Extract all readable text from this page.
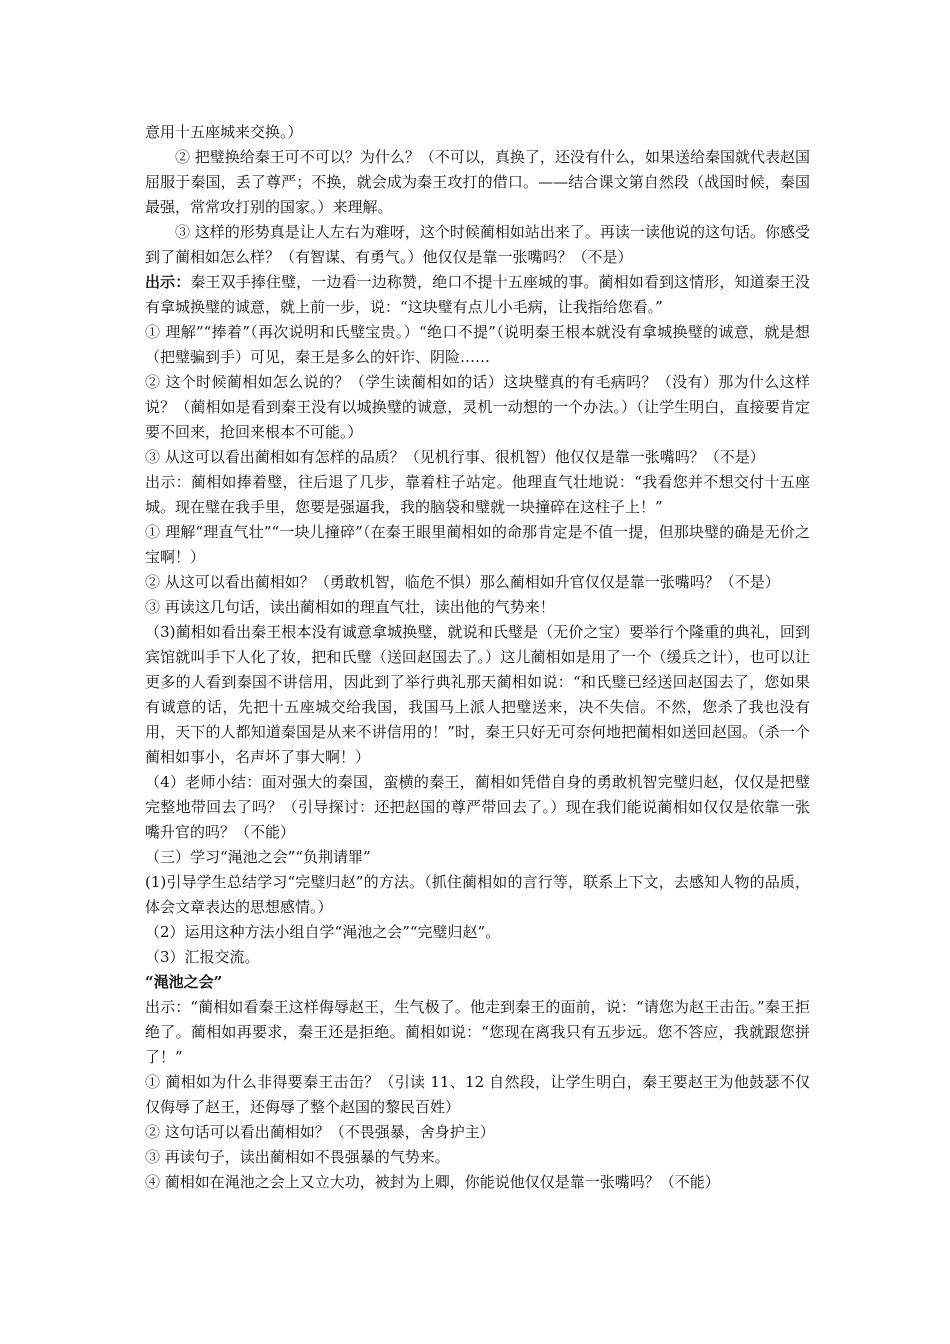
意用十五座城来交换。）

② 把璧换给秦王可不可以？为什么？（不可以，真换了，还没有什么，如果送给秦国就代表赵国屈服于秦国，丢了尊严；不换，就会成为秦王攻打的借口。——结合课文第自然段（战国时候，秦国最强，常常攻打别的国家。）来理解。

③ 这样的形势真是让人左右为难呀，这个时候蔺相如站出来了。再读一读他说的这句话。你感受到了蔺相如怎么样？（有智谋、有勇气。）他仅仅是靠一张嘴吗？（不是）

出示：秦王双手捧住璧，一边看一边称赞，绝口不提十五座城的事。蔺相如看到这情形，知道秦王没有拿城换璧的诚意，就上前一步，说：“这块璧有点儿小毛病，让我指给您看。”

① 理解”“捧着”（再次说明和氏璧宝贵。）“绝口不提”（说明秦王根本就没有拿城换璧的诚意，就是想（把璧骗到手）可见，秦王是多么的奸诈、阴险……

② 这个时候蔺相如怎么说的？（学生读蔺相如的话）这块璧真的有毛病吗？（没有）那为什么这样说？（蔺相如是看到秦王没有以城换璧的诚意，灵机一动想的一个办法。）（让学生明白，直接要肯定要不回来，抢回来根本不可能。）

③ 从这可以看出蔺相如有怎样的品质？（见机行事、很机智）他仅仅是靠一张嘴吗？（不是）

出示：蔺相如捧着璧，往后退了几步，靠着柱子站定。他理直气壮地说：“我看您并不想交付十五座城。现在璧在我手里，您要是强逼我，我的脑袋和璧就一块撞碎在这柱子上！”

① 理解“理直气壮”“一块儿撞碎”（在秦王眼里蔺相如的命那肯定是不值一提，但那块璧的确是无价之宝啊！）

② 从这可以看出蔺相如？（勇敢机智，临危不惧）那么蔺相如升官仅仅是靠一张嘴吗？（不是）

③ 再读这几句话，读出蔺相如的理直气壮，读出他的气势来！

（3)蔺相如看出秦王根本没有诚意拿城换璧，就说和氏璧是（无价之宝）要举行个隆重的典礼，回到宾馆就叫手下人化了妆，把和氏璧（送回赵国去了。）这儿蔺相如是用了一个（缓兵之计），也可以让更多的人看到秦国不讲信用，因此到了举行典礼那天蔺相如说：“和氏璧已经送回赵国去了，您如果有诚意的话，先把十五座城交给我国，我国马上派人把璧送来，决不失信。不然，您杀了我也没有用，天下的人都知道秦国是从来不讲信用的！”时，秦王只好无可奈何地把蔺相如送回赵国。（杀一个蔺相如事小，名声坏了事大啊！）

（4）老师小结：面对强大的秦国，蛮横的秦王，蔺相如凭借自身的勇敢机智完璧归赵，仅仅是把璧完整地带回去了吗？（引导探讨：还把赵国的尊严带回去了。）现在我们能说蔺相如仅仅是依靠一张嘴升官的吗？（不能）

（三）学习“渑池之会”“负荆请罪”

(1)引导学生总结学习“完璧归赵”的方法。（抓住蔺相如的言行等，联系上下文，去感知人物的品质，体会文章表达的思想感情。）

（2）运用这种方法小组自学“渑池之会”“完璧归赵”。

（3）汇报交流。

“渑池之会”

出示：“蔺相如看秦王这样侮辱赵王，生气极了。他走到秦王的面前，说：“请您为赵王击缶。”秦王拒绝了。蔺相如再要求，秦王还是拒绝。蔺相如说：“您现在离我只有五步远。您不答应，我就跟您拼了！”

① 蔺相如为什么非得要秦王击缶？（引读 11、12 自然段，让学生明白，秦王要赵王为他鼓瑟不仅仅侮辱了赵王，还侮辱了整个赵国的黎民百姓）

② 这句话可以看出蔺相如？（不畏强暴，舍身护主）

③ 再读句子，读出蔺相如不畏强暴的气势来。

④ 蔺相如在渑池之会上又立大功，被封为上卿，你能说他仅仅是靠一张嘴吗？（不能）
